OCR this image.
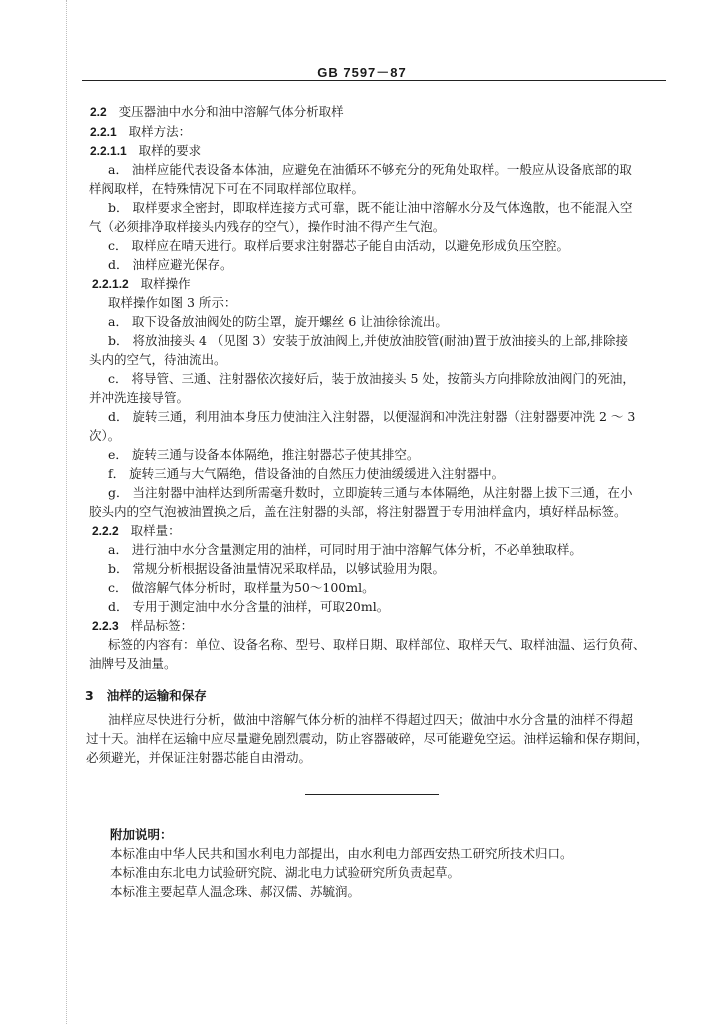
GB 7597－87
2.2 变压器油中水分和油中溶解气体分析取样
2.2.1 取样方法：
2.2.1.1 取样的要求
a． 油样应能代表设备本体油，应避免在油循环不够充分的死角处取样。一般应从设备底部的取
样阀取样，在特殊情况下可在不同取样部位取样。
b． 取样要求全密封，即取样连接方式可靠，既不能让油中溶解水分及气体逸散，也不能混入空
气（必须排净取样接头内残存的空气），操作时油不得产生气泡。
c． 取样应在晴天进行。取样后要求注射器芯子能自由活动，以避免形成负压空腔。
d． 油样应避光保存。
2.2.1.2 取样操作
取样操作如图 3 所示：
a． 取下设备放油阀处的防尘罩，旋开螺丝 6 让油徐徐流出。
b． 将放油接头 4 （见图 3）安装于放油阀上,并使放油胶管(耐油)置于放油接头的上部,排除接
头内的空气，待油流出。
c． 将导管、三通、注射器依次接好后，装于放油接头 5 处，按箭头方向排除放油阀门的死油，
并冲洗连接导管。
d． 旋转三通，利用油本身压力使油注入注射器，以便湿润和冲洗注射器（注射器要冲洗 2 ～ 3
次）。
e． 旋转三通与设备本体隔绝，推注射器芯子使其排空。
f． 旋转三通与大气隔绝，借设备油的自然压力使油缓缓进入注射器中。
g． 当注射器中油样达到所需毫升数时，立即旋转三通与本体隔绝，从注射器上拔下三通，在小
胶头内的空气泡被油置换之后，盖在注射器的头部，将注射器置于专用油样盒内，填好样品标签。
2.2.2 取样量：
a． 进行油中水分含量测定用的油样，可同时用于油中溶解气体分析，不必单独取样。
b． 常规分析根据设备油量情况采取样品，以够试验用为限。
c． 做溶解气体分析时，取样量为50～100ml。
d． 专用于测定油中水分含量的油样，可取20ml。
2.2.3 样品标签：
标签的内容有：单位、设备名称、型号、取样日期、取样部位、取样天气、取样油温、运行负荷、
油牌号及油量。
3 油样的运输和保存
油样应尽快进行分析，做油中溶解气体分析的油样不得超过四天；做油中水分含量的油样不得超
过十天。油样在运输中应尽量避免剧烈震动，防止容器破碎，尽可能避免空运。油样运输和保存期间，
必须避光，并保证注射器芯能自由滑动。
附加说明：
本标准由中华人民共和国水利电力部提出，由水利电力部西安热工研究所技术归口。
本标准由东北电力试验研究院、湖北电力试验研究所负责起草。
本标准主要起草人温念珠、郝汉儒、苏毓润。
